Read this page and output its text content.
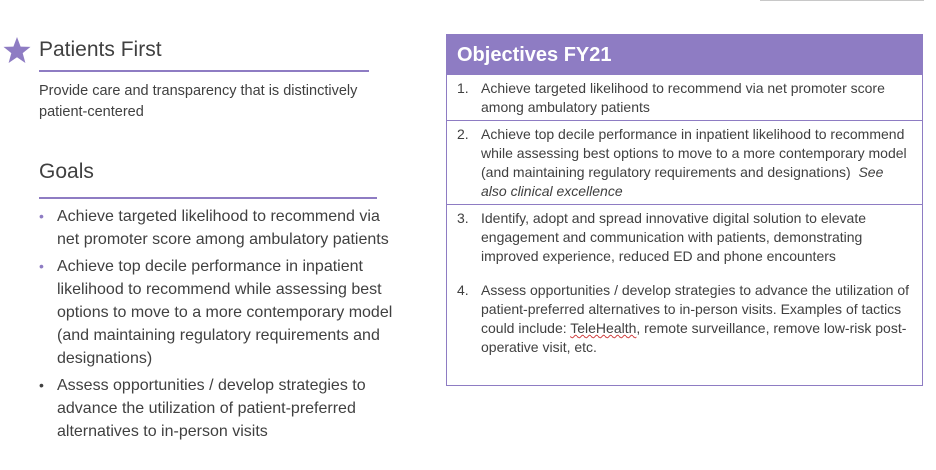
Patients First
Provide care and transparency that is distinctively patient-centered
Goals
• Achieve targeted likelihood to recommend via net promoter score among ambulatory patients
• Achieve top decile performance in inpatient likelihood to recommend while assessing best options to move to a more contemporary model (and maintaining regulatory requirements and designations)
• Assess opportunities / develop strategies to advance the utilization of patient-preferred alternatives to in-person visits
Objectives FY21
1. Achieve targeted likelihood to recommend via net promoter score among ambulatory patients
2. Achieve top decile performance in inpatient likelihood to recommend while assessing best options to move to a more contemporary model (and maintaining regulatory requirements and designations) See also clinical excellence
3. Identify, adopt and spread innovative digital solution to elevate engagement and communication with patients, demonstrating improved experience, reduced ED and phone encounters
4. Assess opportunities / develop strategies to advance the utilization of patient-preferred alternatives to in-person visits. Examples of tactics could include: TeleHealth, remote surveillance, remove low-risk post-operative visit, etc.
